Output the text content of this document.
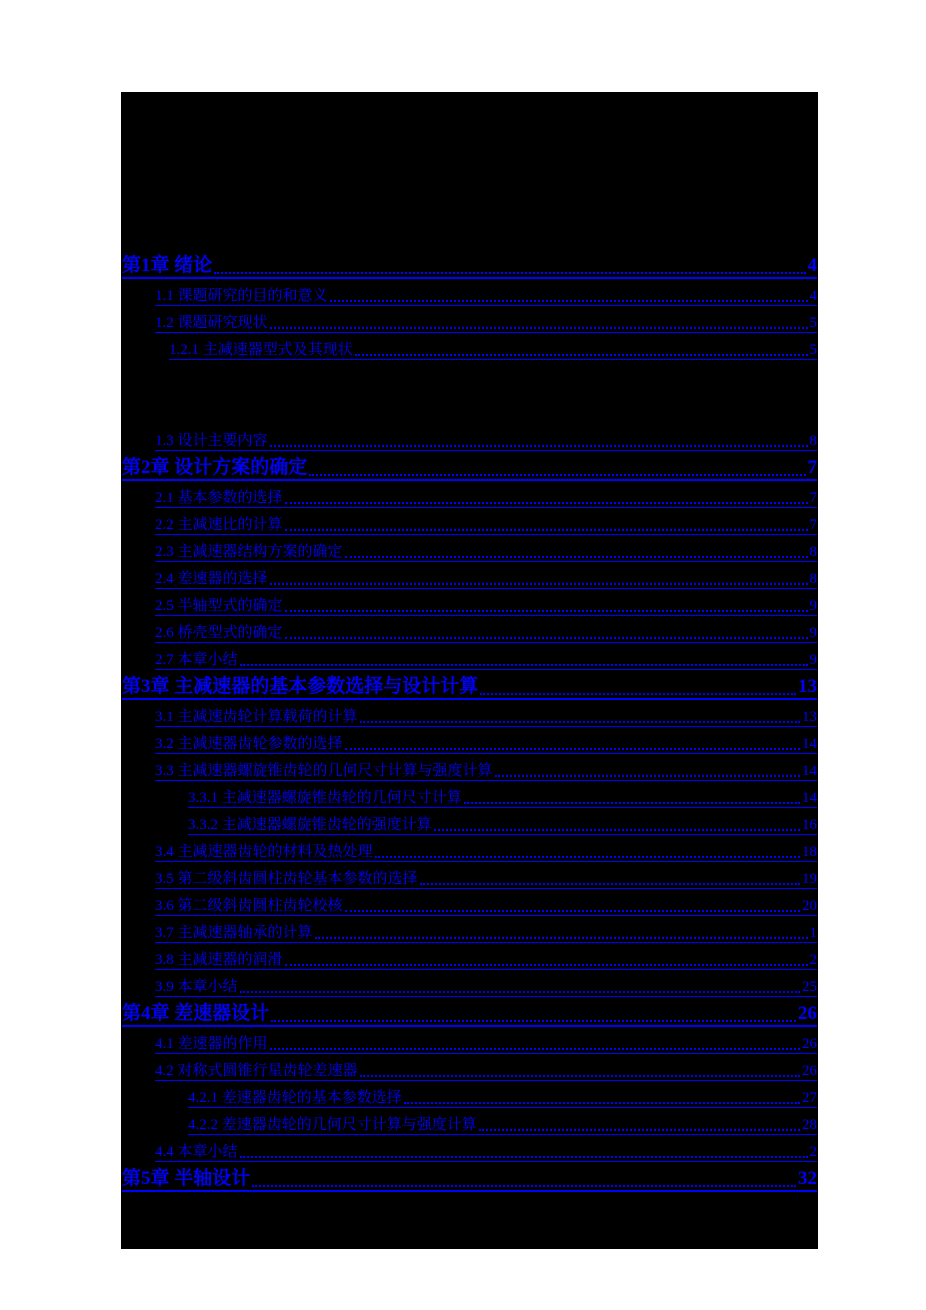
第1章 绪论	4
1.1 课题研究的目的和意义	4
1.2 课题研究现状	5
1.2.1 主减速器型式及其现状	5
1.3 设计主要内容	8
第2章 设计方案的确定	7
2.1 基本参数的选择	7
2.2 主减速比的计算	7
2.3 主减速器结构方案的确定	8
2.4 差速器的选择	8
2.5 半轴型式的确定	9
2.6 桥壳型式的确定	9
2.7 本章小结	9
第3章 主减速器的基本参数选择与设计计算	13
3.1 主减速齿轮计算载荷的计算	13
3.2 主减速器齿轮参数的选择	14
3.3 主减速器螺旋锥齿轮的几何尺寸计算与强度计算	14
3.3.1 主减速器螺旋锥齿轮的几何尺寸计算	14
3.3.2 主减速器螺旋锥齿轮的强度计算	16
3.4 主减速器齿轮的材料及热处理	18
3.5 第二级斜齿圆柱齿轮基本参数的选择	19
3.6 第二级斜齿圆柱齿轮校核	20
3.7 主减速器轴承的计算	1
3.8 主减速器的润滑	2
3.9 本章小结	25
第4章 差速器设计	26
4.1 差速器的作用	26
4.2 对称式圆锥行星齿轮差速器	26
4.2.1 差速器齿轮的基本参数选择	27
4.2.2 差速器齿轮的几何尺寸计算与强度计算	28
4.4 本章小结	2
第5章 半轴设计	32
